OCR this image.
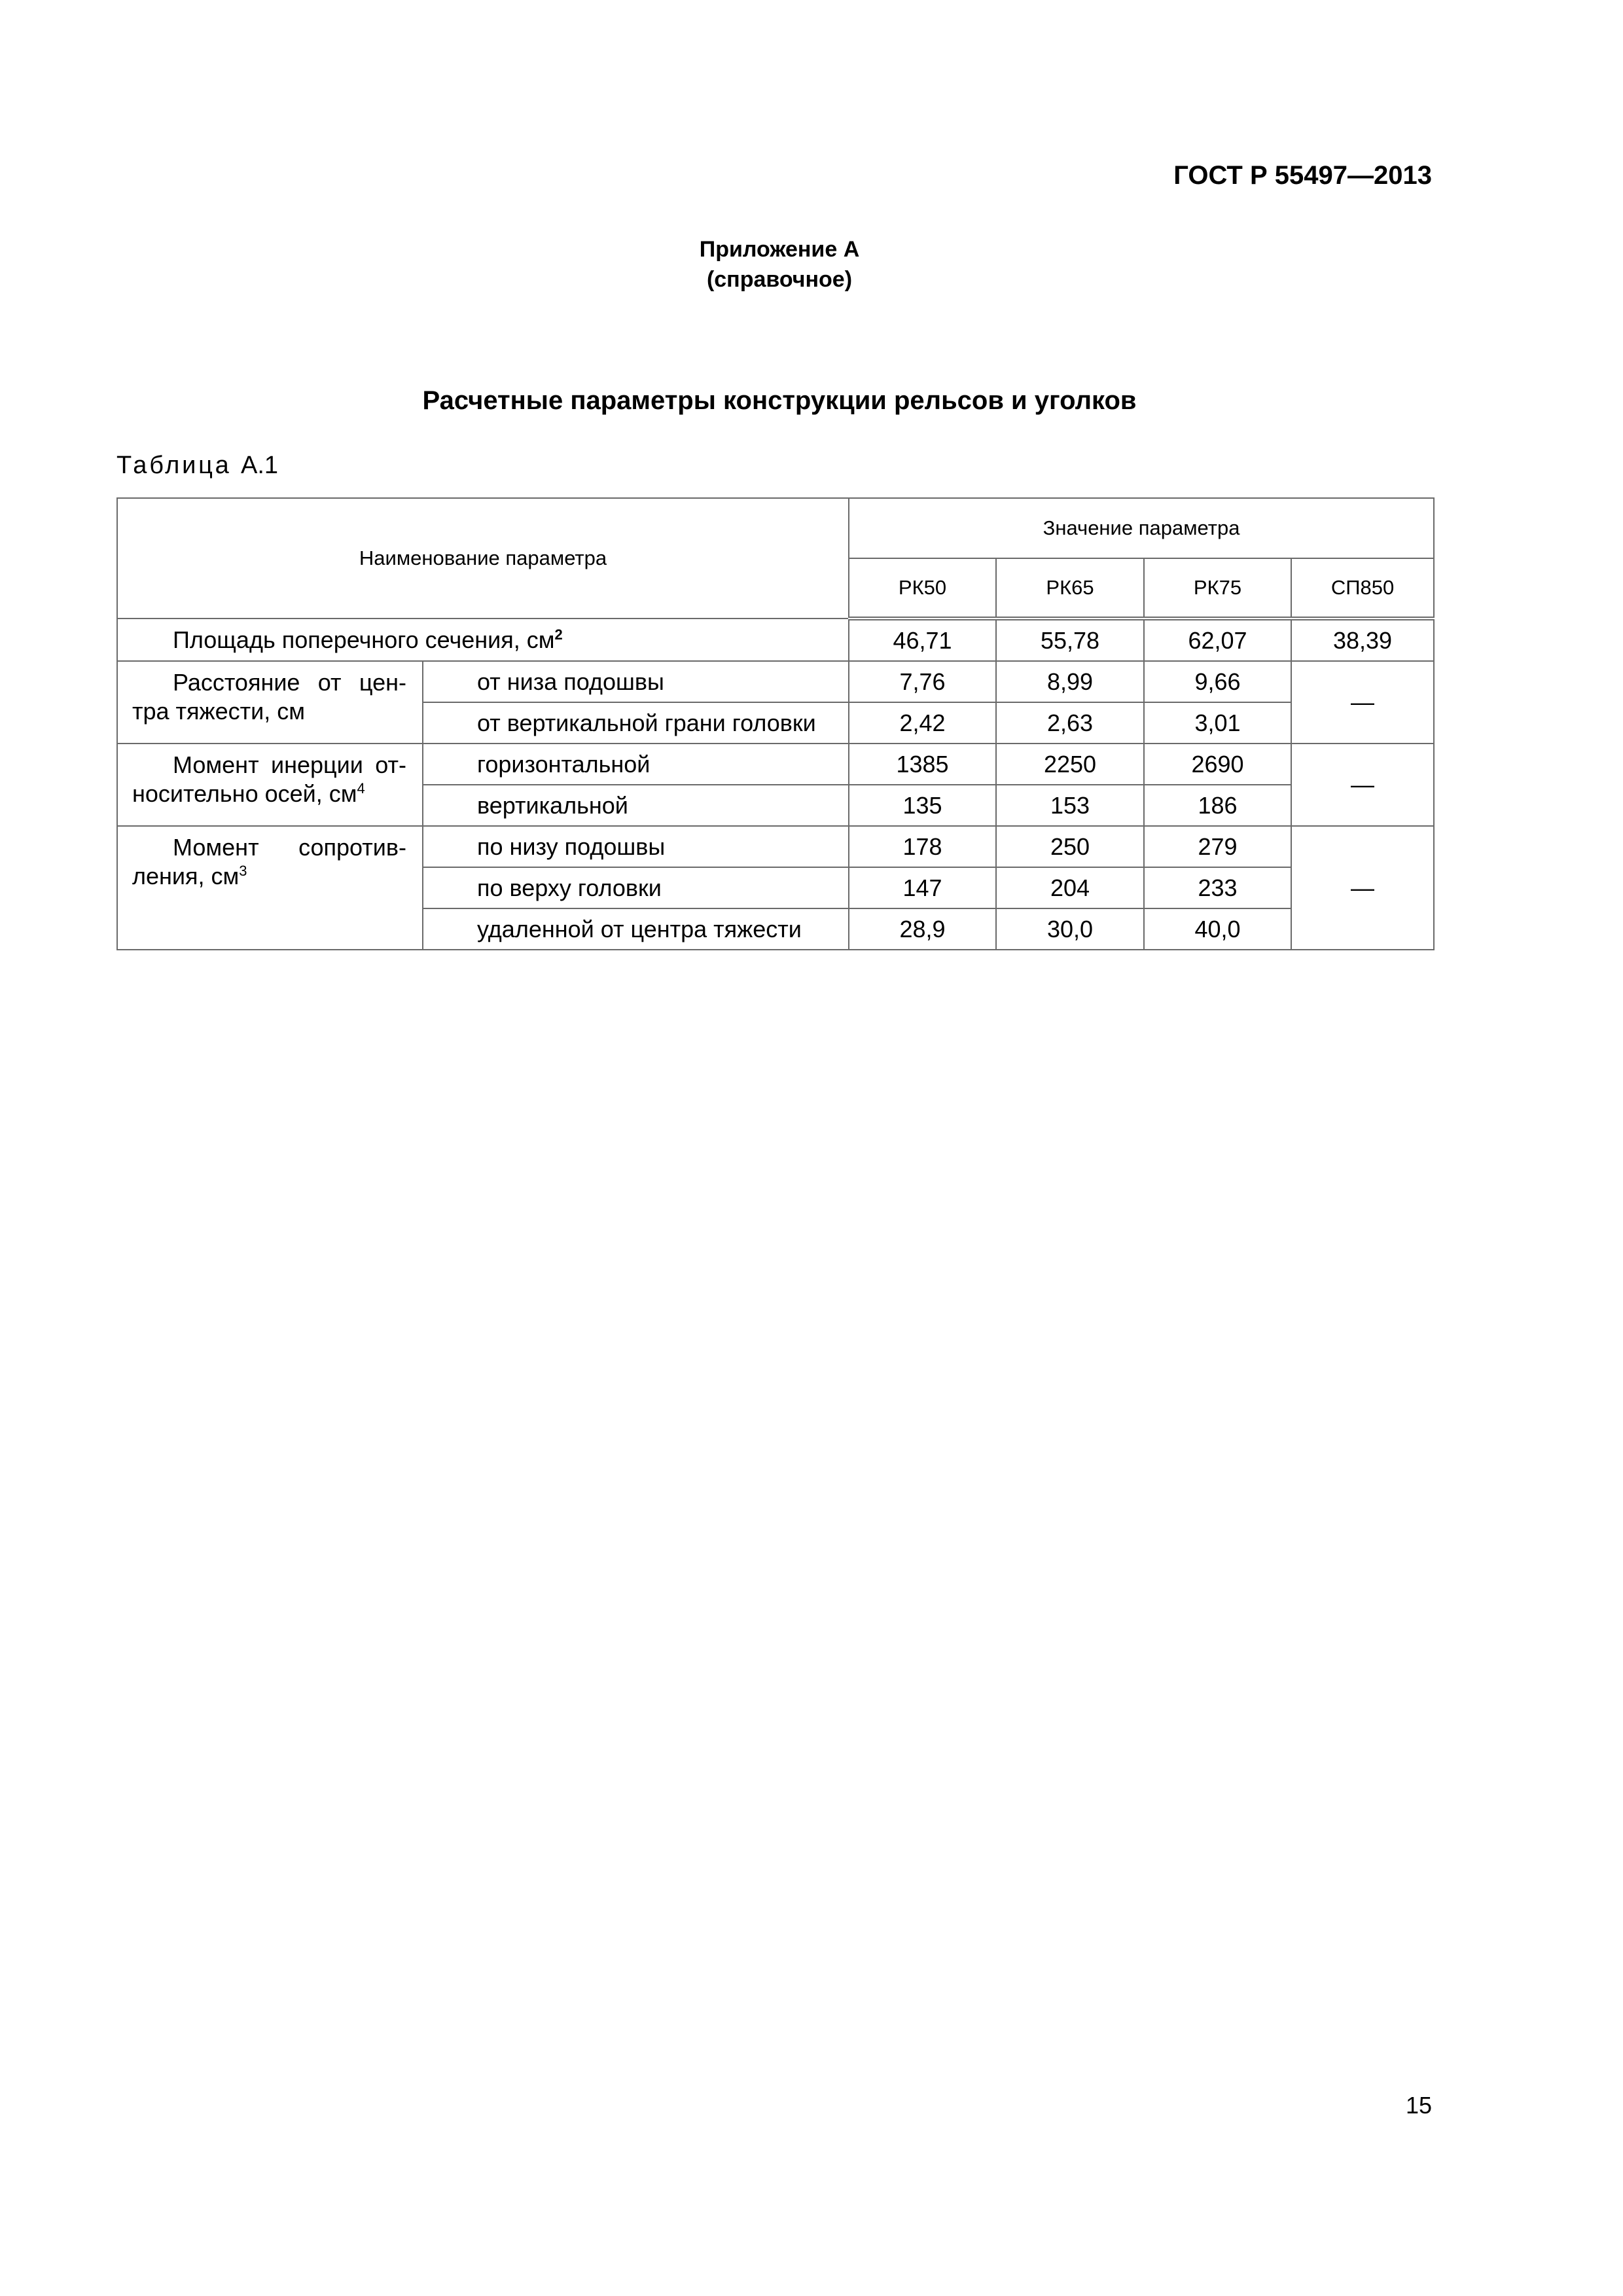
ГОСТ Р 55497—2013
Приложение А
(справочное)
Расчетные параметры конструкции рельсов и уголков
Таблица А.1
Наименование параметра		Значение параметра			
		РК50	РК65	РК75	СП850
Площадь поперечного сечения, $см^2$		46,71	55,78	62,07	38,39

Расстояние от цен-
тра тяжести, см	от низа подошвы	7,76	8,99	9,66	—
	от вертикальной грани головки	2,42	2,63	3,01	

Момент инерции от-
носительно осей, $см^4$	горизонтальной	1385	2250	2690	—
	вертикальной	135	153	186	

Момент сопротив-
ления, $см^3$	по низу подошвы	178	250	279	—
	по верху головки	147	204	233	
	удаленной от центра тяжести	28,9	30,0	40,0	
15
